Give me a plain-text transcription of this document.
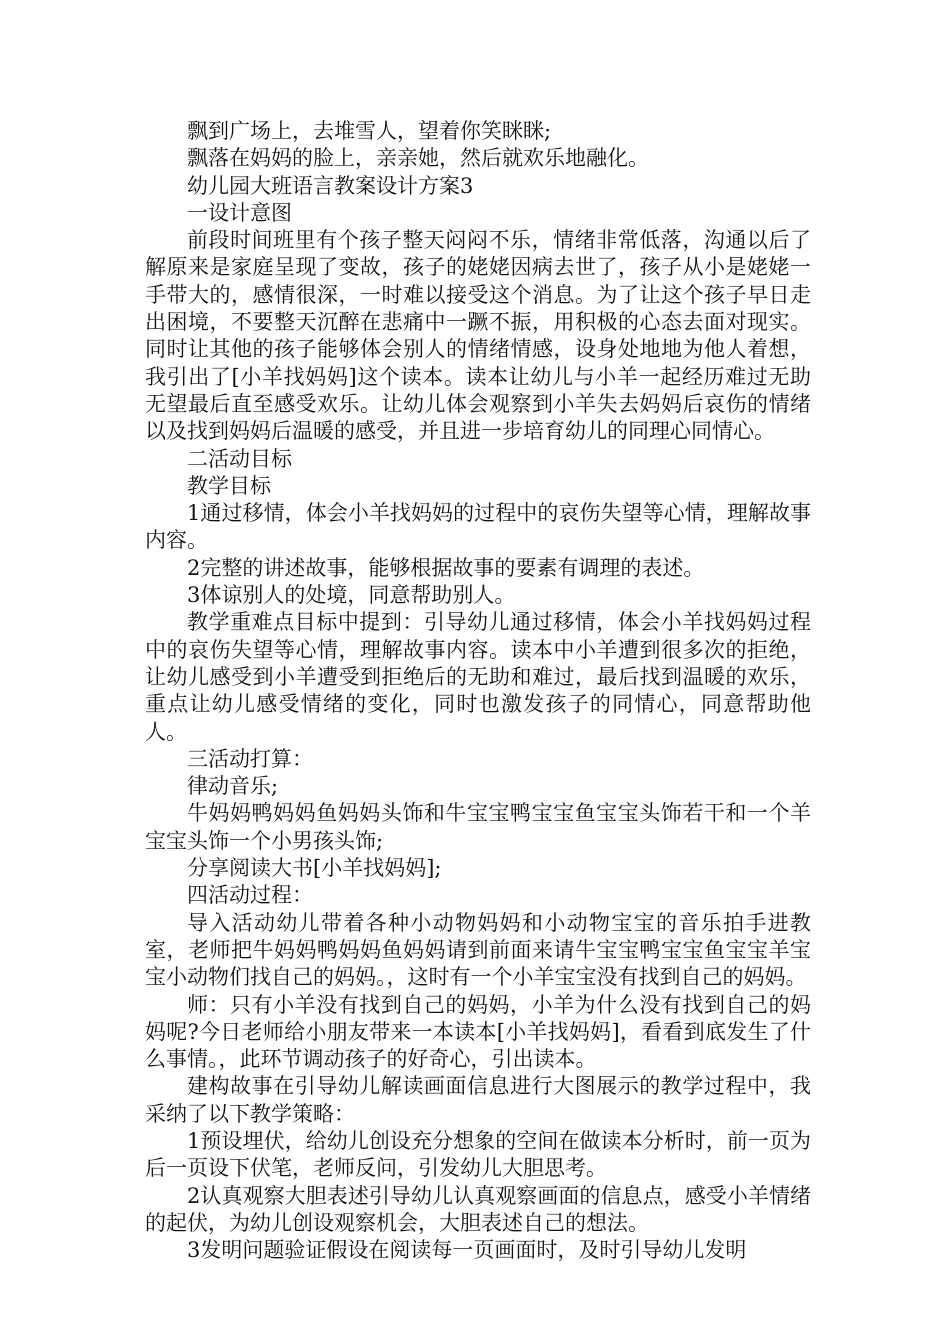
飘到广场上，去堆雪人，望着你笑眯眯;

飘落在妈妈的脸上，亲亲她，然后就欢乐地融化。

幼儿园大班语言教案设计方案3

一设计意图

前段时间班里有个孩子整天闷闷不乐，情绪非常低落，沟通以后了解原来是家庭呈现了变故，孩子的姥姥因病去世了，孩子从小是姥姥一手带大的，感情很深，一时难以接受这个消息。为了让这个孩子早日走出困境，不要整天沉醉在悲痛中一蹶不振，用积极的心态去面对现实。同时让其他的孩子能够体会别人的情绪情感，设身处地地为他人着想，我引出了[小羊找妈妈]这个读本。读本让幼儿与小羊一起经历难过无助无望最后直至感受欢乐。让幼儿体会观察到小羊失去妈妈后哀伤的情绪以及找到妈妈后温暖的感受，并且进一步培育幼儿的同理心同情心。

二活动目标

教学目标

1通过移情，体会小羊找妈妈的过程中的哀伤失望等心情，理解故事内容。

2完整的讲述故事，能够根据故事的要素有调理的表述。

3体谅别人的处境，同意帮助别人。

教学重难点目标中提到：引导幼儿通过移情，体会小羊找妈妈过程中的哀伤失望等心情，理解故事内容。读本中小羊遭到很多次的拒绝，让幼儿感受到小羊遭受到拒绝后的无助和难过，最后找到温暖的欢乐，重点让幼儿感受情绪的变化，同时也激发孩子的同情心，同意帮助他人。

三活动打算：

律动音乐;

牛妈妈鸭妈妈鱼妈妈头饰和牛宝宝鸭宝宝鱼宝宝头饰若干和一个羊宝宝头饰一个小男孩头饰;

分享阅读大书[小羊找妈妈];

四活动过程：

导入活动幼儿带着各种小动物妈妈和小动物宝宝的音乐拍手进教室，老师把牛妈妈鸭妈妈鱼妈妈请到前面来请牛宝宝鸭宝宝鱼宝宝羊宝宝小动物们找自己的妈妈。，这时有一个小羊宝宝没有找到自己的妈妈。

师：只有小羊没有找到自己的妈妈，小羊为什么没有找到自己的妈妈呢?今日老师给小朋友带来一本读本[小羊找妈妈]，看看到底发生了什么事情。，此环节调动孩子的好奇心，引出读本。

建构故事在引导幼儿解读画面信息进行大图展示的教学过程中，我采纳了以下教学策略：

1预设埋伏，给幼儿创设充分想象的空间在做读本分析时，前一页为后一页设下伏笔，老师反问，引发幼儿大胆思考。

2认真观察大胆表述引导幼儿认真观察画面的信息点，感受小羊情绪的起伏，为幼儿创设观察机会，大胆表述自己的想法。

3发明问题验证假设在阅读每一页画面时，及时引导幼儿发明
